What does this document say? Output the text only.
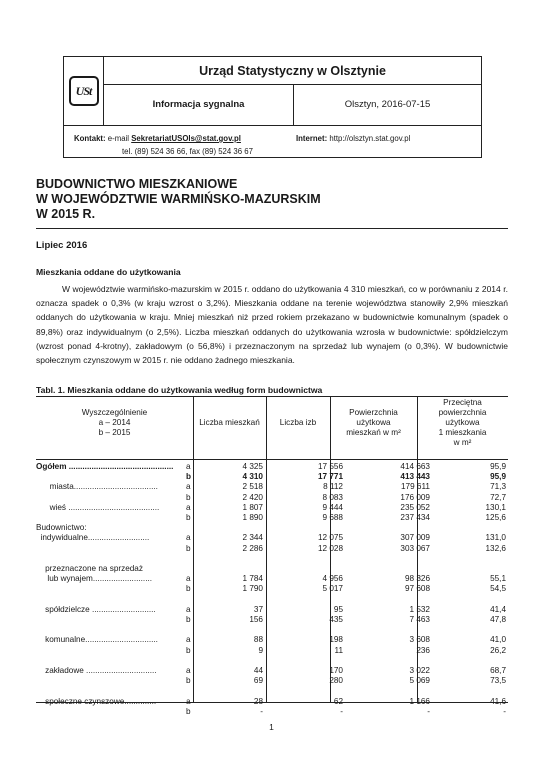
USt
Urząd Statystyczny w Olsztynie
Informacja sygnalna	Olsztyn, 2016-07-15
Kontakt: e-mail SekretariatUSOls@stat.gov.pl
tel. (89) 524 36 66, fax (89) 524 36 67
Internet: http://olsztyn.stat.gov.pl
BUDOWNICTWO MIESZKANIOWE
W WOJEWÓDZTWIE WARMIŃSKO-MAZURSKIM
W 2015 R.
Lipiec 2016
Mieszkania oddane do użytkowania
W województwie warmińsko-mazurskim w 2015 r. oddano do użytkowania 4 310 mieszkań, co w porównaniu z 2014 r. oznacza spadek o 0,3% (w kraju wzrost o 3,2%). Mieszkania oddane na terenie województwa stanowiły 2,9% mieszkań oddanych do użytkowania w kraju. Mniej mieszkań niż przed rokiem przekazano w budownictwie komunalnym (spadek o 89,8%) oraz indywidualnym (o 2,5%). Liczba mieszkań oddanych do użytkowania wzrosła w budownictwie: spółdzielczym (wzrost ponad 4-krotny), zakładowym (o 56,8%) i przeznaczonym na sprzedaż lub wynajem (o 0,3%). W budownictwie społecznym czynszowym w 2015 r. nie oddano żadnego mieszkania.
Tabl. 1. Mieszkania oddane do użytkowania według form budownictwa
Wyszczególnienie
a – 2014
b – 2015
Liczba mieszkań	Liczba izb
Powierzchnia
użytkowa
mieszkań w m²
Przeciętna
powierzchnia
użytkowa
1 mieszkania
w m²
Ogółem ..............................................	a	4 325	17 556	414 663	95,9
b	4 310	17 771	413 443	95,9
miasta.....................................	a	2 518	8 112	179 611	71,3
b	2 420	8 083	176 009	72,7
wieś ........................................	a	1 807	9 444	235 052	130,1
b	1 890	9 688	237 434	125,6
Budownictwo:
indywidualne...........................	a	2 344	12 075	307 009	131,0
b	2 286	12 028	303 067	132,6
przeznaczone na sprzedaż
lub wynajem..........................	a	1 784	4 956	98 326	55,1
b	1 790	5 017	97 608	54,5
spółdzielcze ............................	a	37	95	1 532	41,4
b	156	435	7 463	47,8
komunalne................................	a	88	198	3 608	41,0
b	9	11	236	26,2
zakładowe ...............................	a	44	170	3 022	68,7
b	69	280	5 069	73,5
społeczne czynszowe..............	a	28	62	1 166	41,6
b	-	-	-	-
1
